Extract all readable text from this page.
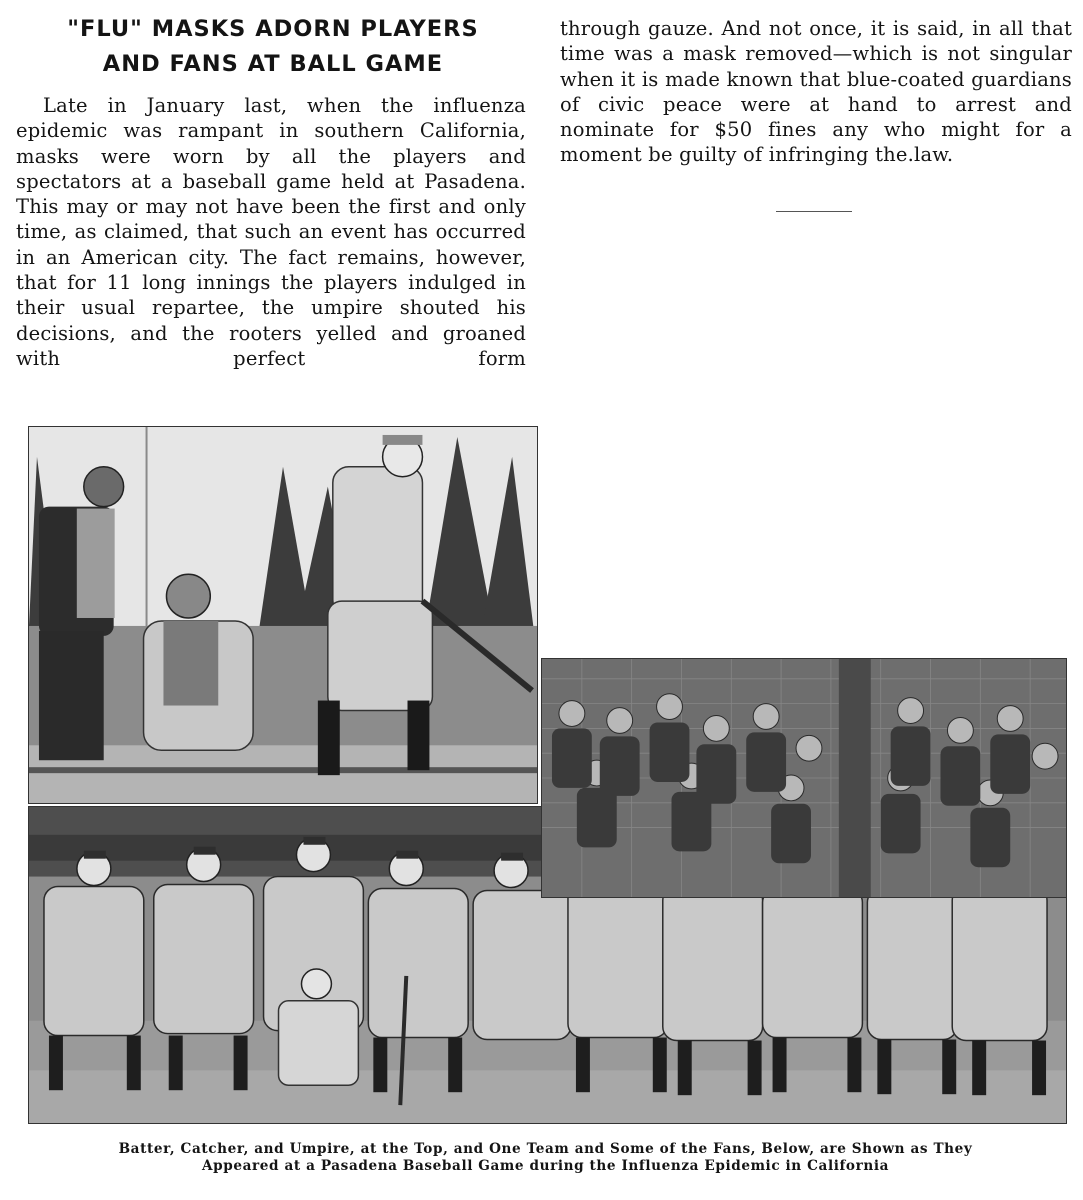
"FLU" MASKS ADORN PLAYERS
AND FANS AT BALL GAME

Late in January last, when the influenza epidemic was rampant in southern California, masks were worn by all the players and spectators at a baseball game held at Pasadena. This may or may not have been the first and only time, as claimed, that such an event has occurred in an American city. The fact remains, however, that for 11 long innings the players indulged in their usual repartee, the umpire shouted his decisions, and the rooters yelled and groaned with perfect form

through gauze. And not once, it is said, in all that time was a mask removed—which is not singular when it is made known that blue-coated guardians of civic peace were at hand to arrest and nominate for $50 fines any who might for a moment be guilty of infringing the.law.

Batter, Catcher, and Umpire, at the Top, and One Team and Some of the Fans, Below, are Shown as They
Appeared at a Pasadena Baseball Game during the Influenza Epidemic in California
